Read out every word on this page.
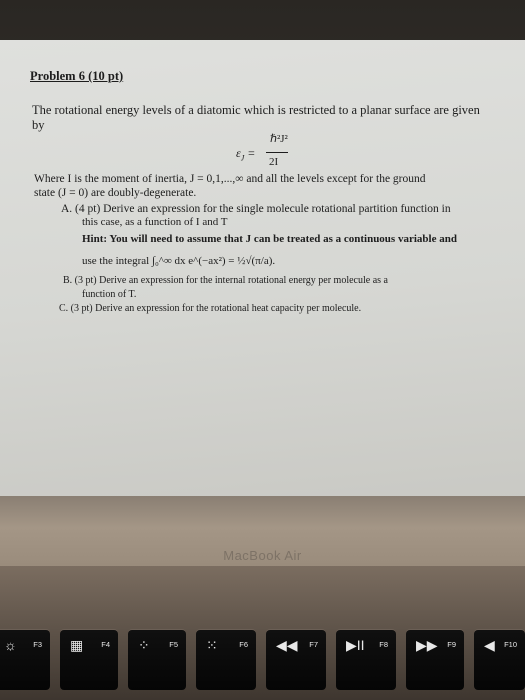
MacBook Air
Problem 6 (10 pt)
The rotational energy levels of a diatomic which is restricted to a planar surface are given
by
$\varepsilon_J$ =
ℏ²J²
2I
Where I is the moment of inertia, J = 0,1,...,∞ and all the levels except for the ground
state (J = 0) are doubly-degenerate.
A. (4 pt) Derive an expression for the single molecule rotational partition function in
this case, as a function of I and T
Hint: You will need to assume that J can be treated as a continuous variable and
use the integral ∫₀^∞ dx e^(−ax²) = ½√(π/a).
B. (3 pt) Derive an expression for the internal rotational energy per molecule as a
function of T.
C. (3 pt) Derive an expression for the rotational heat capacity per molecule.
☼ F3 ▦ F4 ⁘	F5 ⁙	F6 ◀◀ F7 ▶II F8 ▶▶ F9 ◀ F10
